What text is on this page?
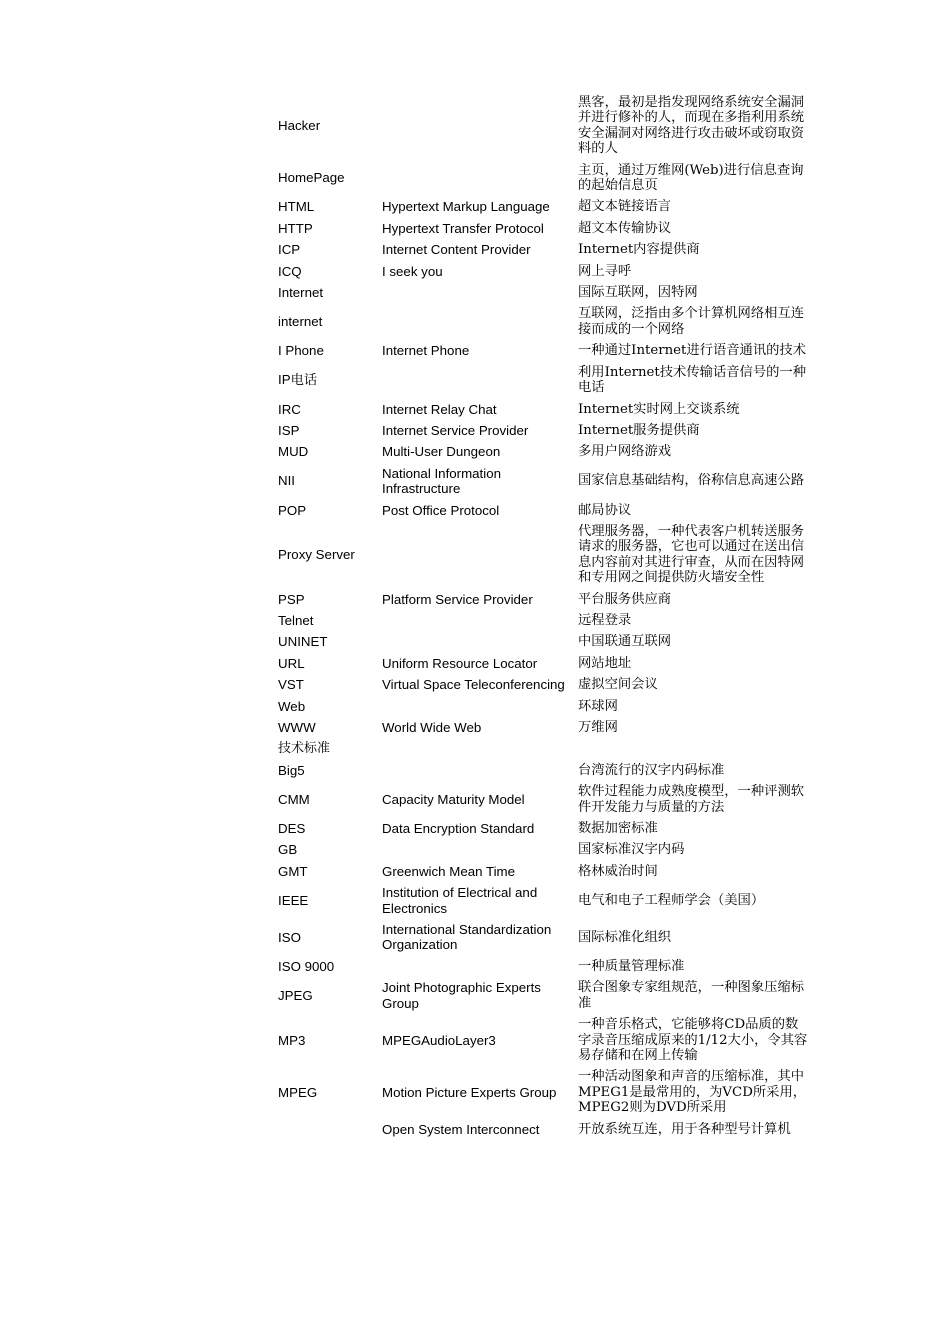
Hacker		黑客，最初是指发现网络系统安全漏洞并进行修补的人，而现在多指利用系统安全漏洞对网络进行攻击破坏或窃取资料的人
HomePage		主页，通过万维网(Web)进行信息查询的起始信息页
HTML	Hypertext Markup Language	超文本链接语言
HTTP	Hypertext Transfer Protocol	超文本传输协议
ICP	Internet Content Provider	Internet内容提供商
ICQ	I seek you	网上寻呼
Internet		国际互联网，因特网
internet		互联网，泛指由多个计算机网络相互连接而成的一个网络
I Phone	Internet Phone	一种通过Internet进行语音通讯的技术
IP电话		利用Internet技术传输话音信号的一种电话
IRC	Internet Relay Chat	Internet实时网上交谈系统
ISP	Internet Service Provider	Internet服务提供商
MUD	Multi-User Dungeon	多用户网络游戏
NII	National Information Infrastructure	国家信息基础结构，俗称信息高速公路
POP	Post Office Protocol	邮局协议
Proxy Server		代理服务器，一种代表客户机转送服务请求的服务器，它也可以通过在送出信息内容前对其进行审查，从而在因特网和专用网之间提供防火墙安全性
PSP	Platform Service Provider	平台服务供应商
Telnet		远程登录
UNINET		中国联通互联网
URL	Uniform Resource Locator	网站地址
VST	Virtual Space Teleconferencing	虚拟空间会议
Web		环球网
WWW	World Wide Web	万维网
技术标准		
Big5		台湾流行的汉字内码标准
CMM	Capacity Maturity Model	软件过程能力成熟度模型，一种评测软件开发能力与质量的方法
DES	Data Encryption Standard	数据加密标准
GB		国家标准汉字内码
GMT	Greenwich Mean Time	格林威治时间
IEEE	Institution of Electrical and Electronics	电气和电子工程师学会（美国）
ISO	International Standardization Organization	国际标准化组织
ISO 9000		一种质量管理标准
JPEG	Joint Photographic Experts Group	联合图象专家组规范，一种图象压缩标准
MP3	MPEGAudioLayer3	一种音乐格式，它能够将CD品质的数字录音压缩成原来的1/12大小，令其容易存储和在网上传输
MPEG	Motion Picture Experts Group	一种活动图象和声音的压缩标准，其中MPEG1是最常用的，为VCD所采用，MPEG2则为DVD所采用
	Open System Interconnect	开放系统互连，用于各种型号计算机
